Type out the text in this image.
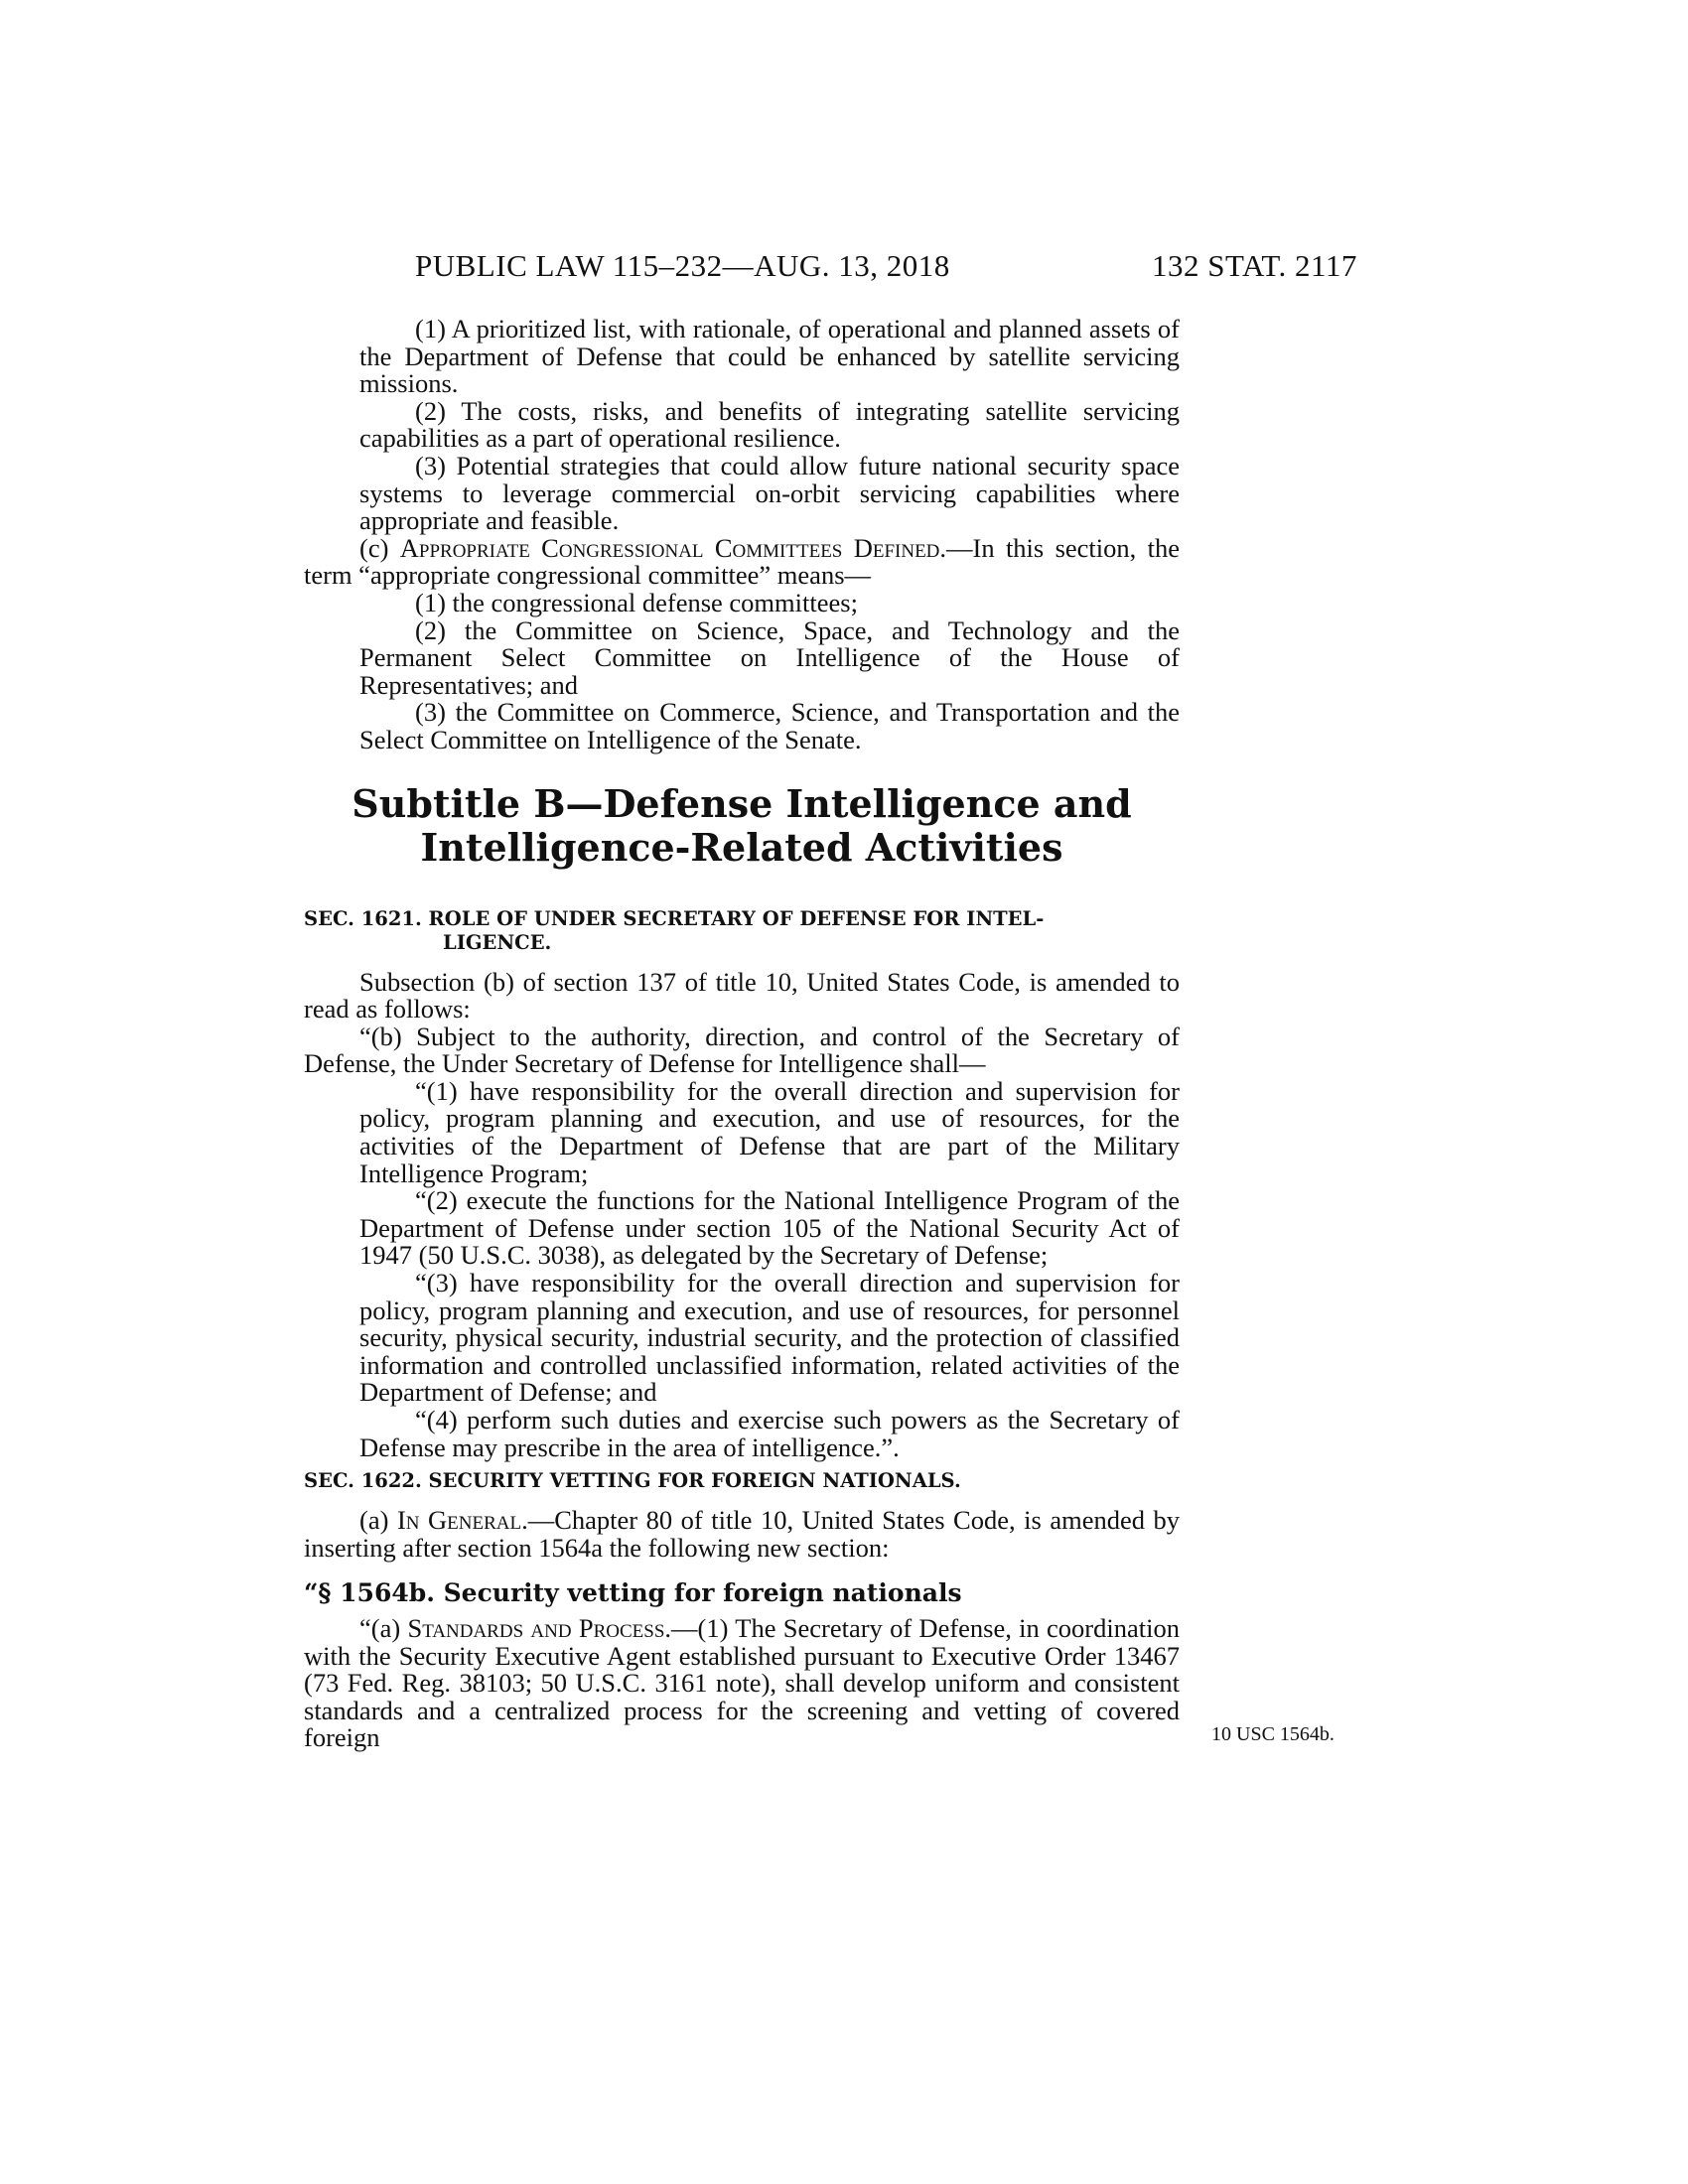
PUBLIC LAW 115–232—AUG. 13, 2018	132 STAT. 2117

(1) A prioritized list, with rationale, of operational and planned assets of the Department of Defense that could be enhanced by satellite servicing missions.

(2) The costs, risks, and benefits of integrating satellite servicing capabilities as a part of operational resilience.

(3) Potential strategies that could allow future national security space systems to leverage commercial on-orbit servicing capabilities where appropriate and feasible.

(c) Appropriate Congressional Committees Defined.—In this section, the term “appropriate congressional committee” means—

(1) the congressional defense committees;

(2) the Committee on Science, Space, and Technology and the Permanent Select Committee on Intelligence of the House of Representatives; and

(3) the Committee on Commerce, Science, and Transportation and the Select Committee on Intelligence of the Senate.

Subtitle B—Defense Intelligence and
Intelligence-Related Activities
SEC. 1621. ROLE OF UNDER SECRETARY OF DEFENSE FOR INTEL-
LIGENCE.

Subsection (b) of section 137 of title 10, United States Code, is amended to read as follows:

“(b) Subject to the authority, direction, and control of the Secretary of Defense, the Under Secretary of Defense for Intelligence shall—

“(1) have responsibility for the overall direction and supervision for policy, program planning and execution, and use of resources, for the activities of the Department of Defense that are part of the Military Intelligence Program;

“(2) execute the functions for the National Intelligence Program of the Department of Defense under section 105 of the National Security Act of 1947 (50 U.S.C. 3038), as delegated by the Secretary of Defense;

“(3) have responsibility for the overall direction and supervision for policy, program planning and execution, and use of resources, for personnel security, physical security, industrial security, and the protection of classified information and controlled unclassified information, related activities of the Department of Defense; and

“(4) perform such duties and exercise such powers as the Secretary of Defense may prescribe in the area of intelligence.”.

SEC. 1622. SECURITY VETTING FOR FOREIGN NATIONALS.

(a) In General.—Chapter 80 of title 10, United States Code, is amended by inserting after section 1564a the following new section:

“§ 1564b. Security vetting for foreign nationals

“(a) Standards and Process.—(1) The Secretary of Defense, in coordination with the Security Executive Agent established pursuant to Executive Order 13467 (73 Fed. Reg. 38103; 50 U.S.C. 3161 note), shall develop uniform and consistent standards and a centralized process for the screening and vetting of covered foreign	10 USC 1564b.
